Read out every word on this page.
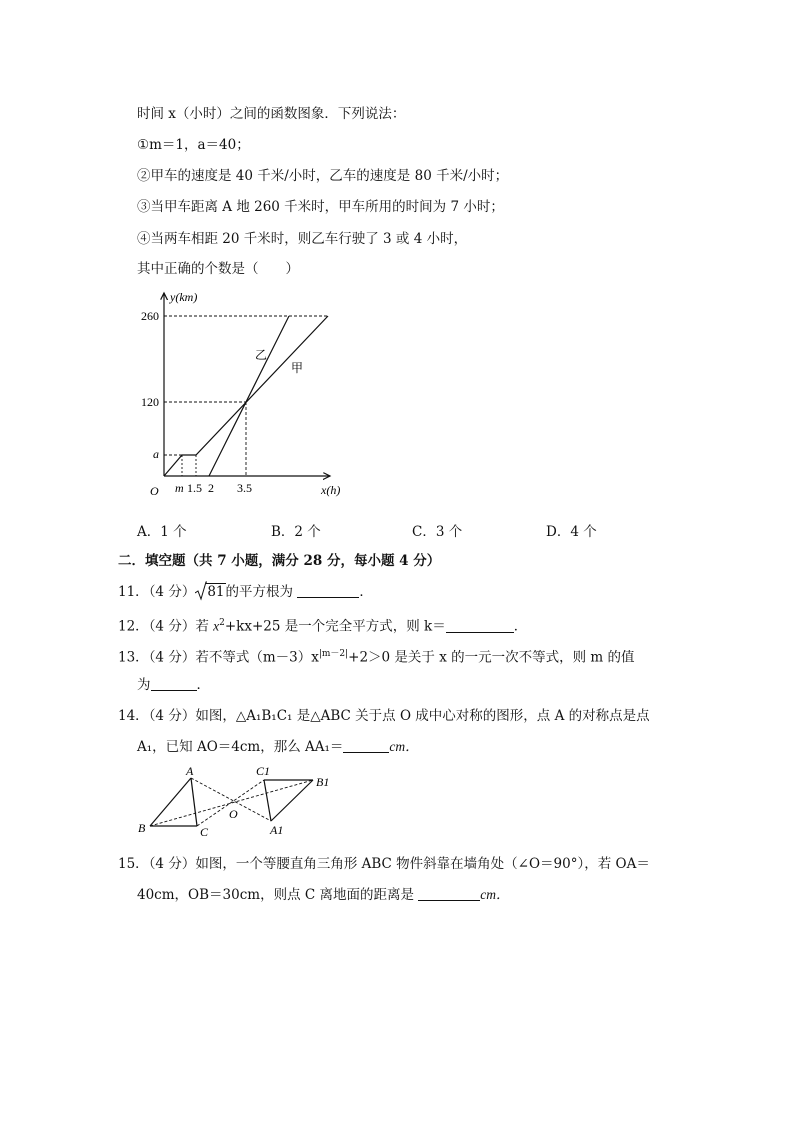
时间 x（小时）之间的函数图象．下列说法：
①m＝1，a＝40；
②甲车的速度是 40 千米/小时，乙车的速度是 80 千米/小时；
③当甲车距离 A 地 260 千米时，甲车所用的时间为 7 小时；
④当两车相距 20 千米时，则乙车行驶了 3 或 4 小时，
其中正确的个数是（　　）
y(km)
x(h)
O
260
120
a
m 1.5 2 3.5
乙
甲
A．1 个	B．2 个	C．3 个	D．4 个
二．填空题（共 7 小题，满分 28 分，每小题 4 分）
11．（4 分） 81的平方根为	．
12．（4 分）若 $x^2+kx+25$ 是一个完全平方式，则 k＝	．
13．（4 分）若不等式$(m-3)x^{|m-2|}+2>0$ 是关于 x 的一元一次不等式，则 m 的值
为	．
14．（4 分）如图，△A₁B₁C₁ 是△ABC 关于点 O 成中心对称的图形，点 A 的对称点是点
A₁，已知 AO＝4cm，那么 AA₁＝	cm．
A
B	C
O
C1
B1
A1
15．（4 分）如图，一个等腰直角三角形 ABC 物件斜靠在墙角处（∠O＝90°），若 OA＝
40cm，OB＝30cm，则点 C 离地面的距离是	cm．
